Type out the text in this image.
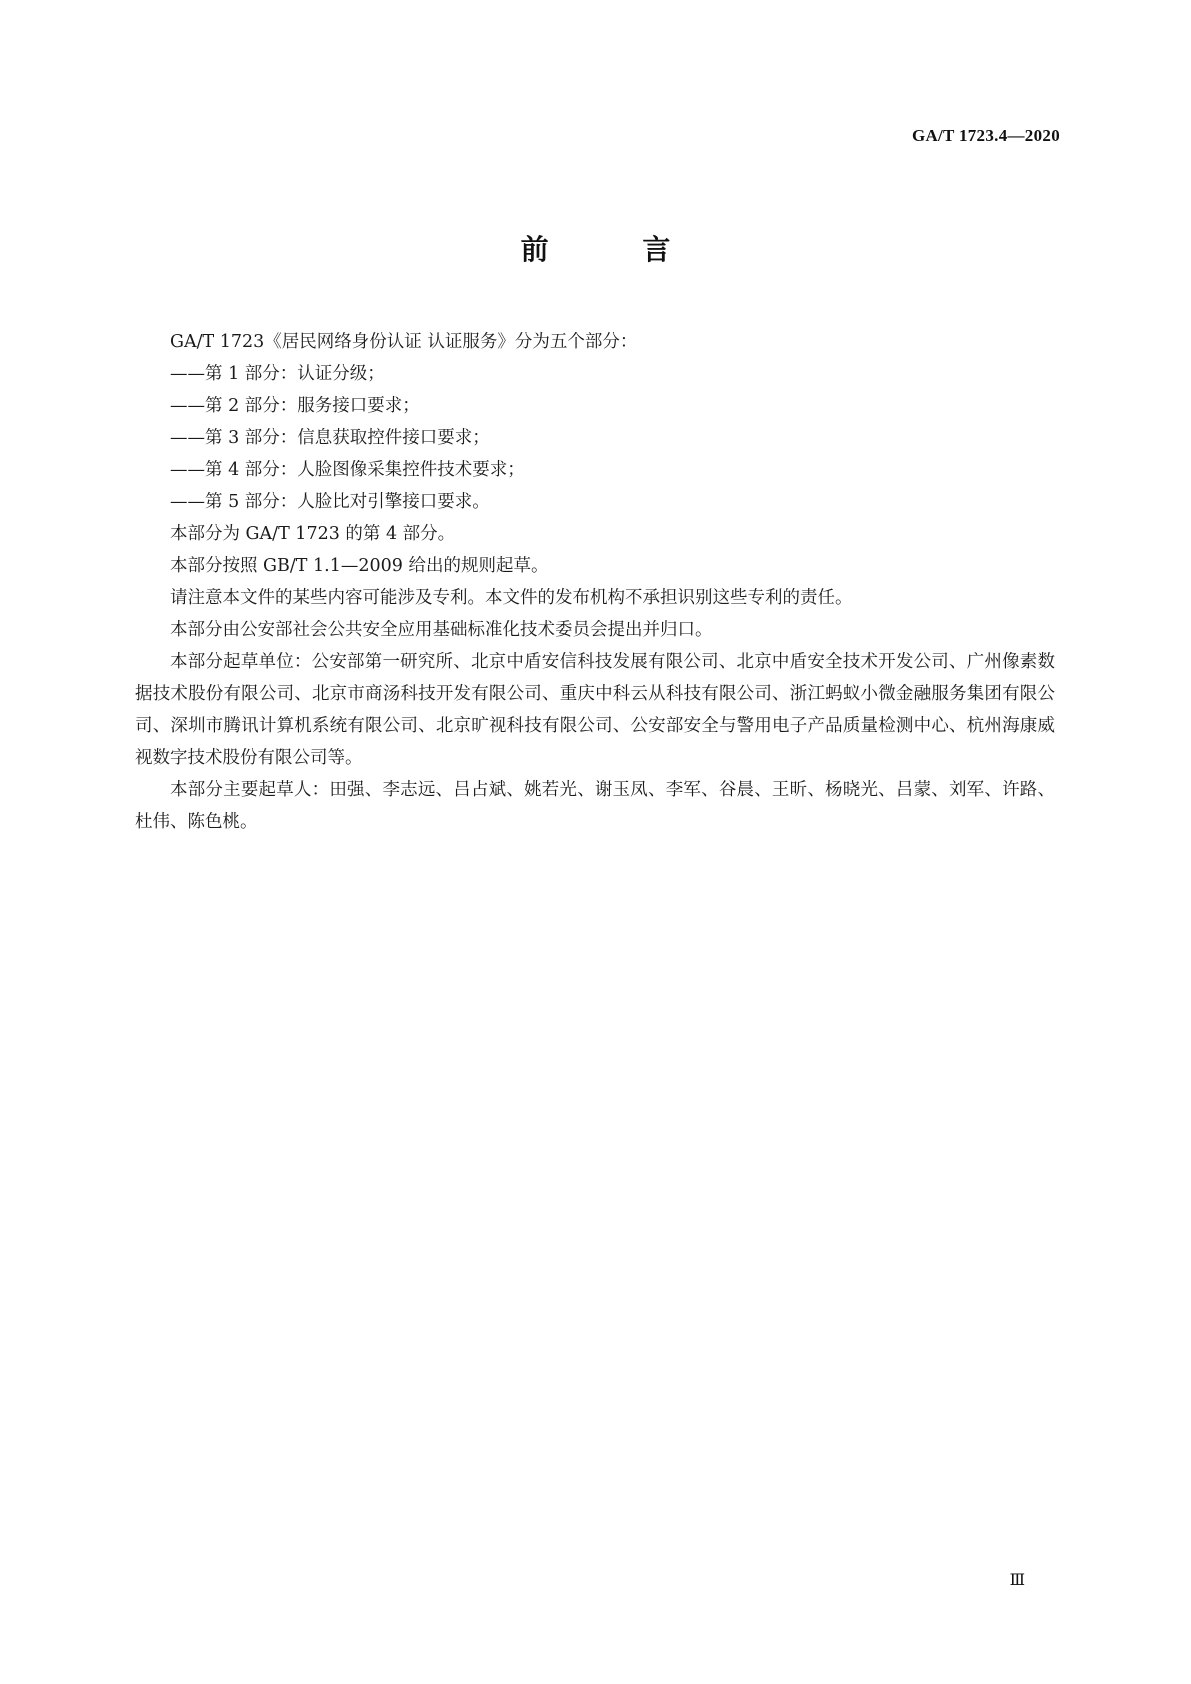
GA/T 1723.4—2020
前 言

GA/T 1723《居民网络身份认证 认证服务》分为五个部分：

——第 1 部分：认证分级；

——第 2 部分：服务接口要求；

——第 3 部分：信息获取控件接口要求；

——第 4 部分：人脸图像采集控件技术要求；

——第 5 部分：人脸比对引擎接口要求。

本部分为 GA/T 1723 的第 4 部分。

本部分按照 GB/T 1.1—2009 给出的规则起草。

请注意本文件的某些内容可能涉及专利。本文件的发布机构不承担识别这些专利的责任。

本部分由公安部社会公共安全应用基础标准化技术委员会提出并归口。

本部分起草单位：公安部第一研究所、北京中盾安信科技发展有限公司、北京中盾安全技术开发公司、广州像素数据技术股份有限公司、北京市商汤科技开发有限公司、重庆中科云从科技有限公司、浙江蚂蚁小微金融服务集团有限公司、深圳市腾讯计算机系统有限公司、北京旷视科技有限公司、公安部安全与警用电子产品质量检测中心、杭州海康威视数字技术股份有限公司等。

本部分主要起草人：田强、李志远、吕占斌、姚若光、谢玉凤、李军、谷晨、王昕、杨晓光、吕蒙、刘军、许路、杜伟、陈色桃。

Ⅲ
